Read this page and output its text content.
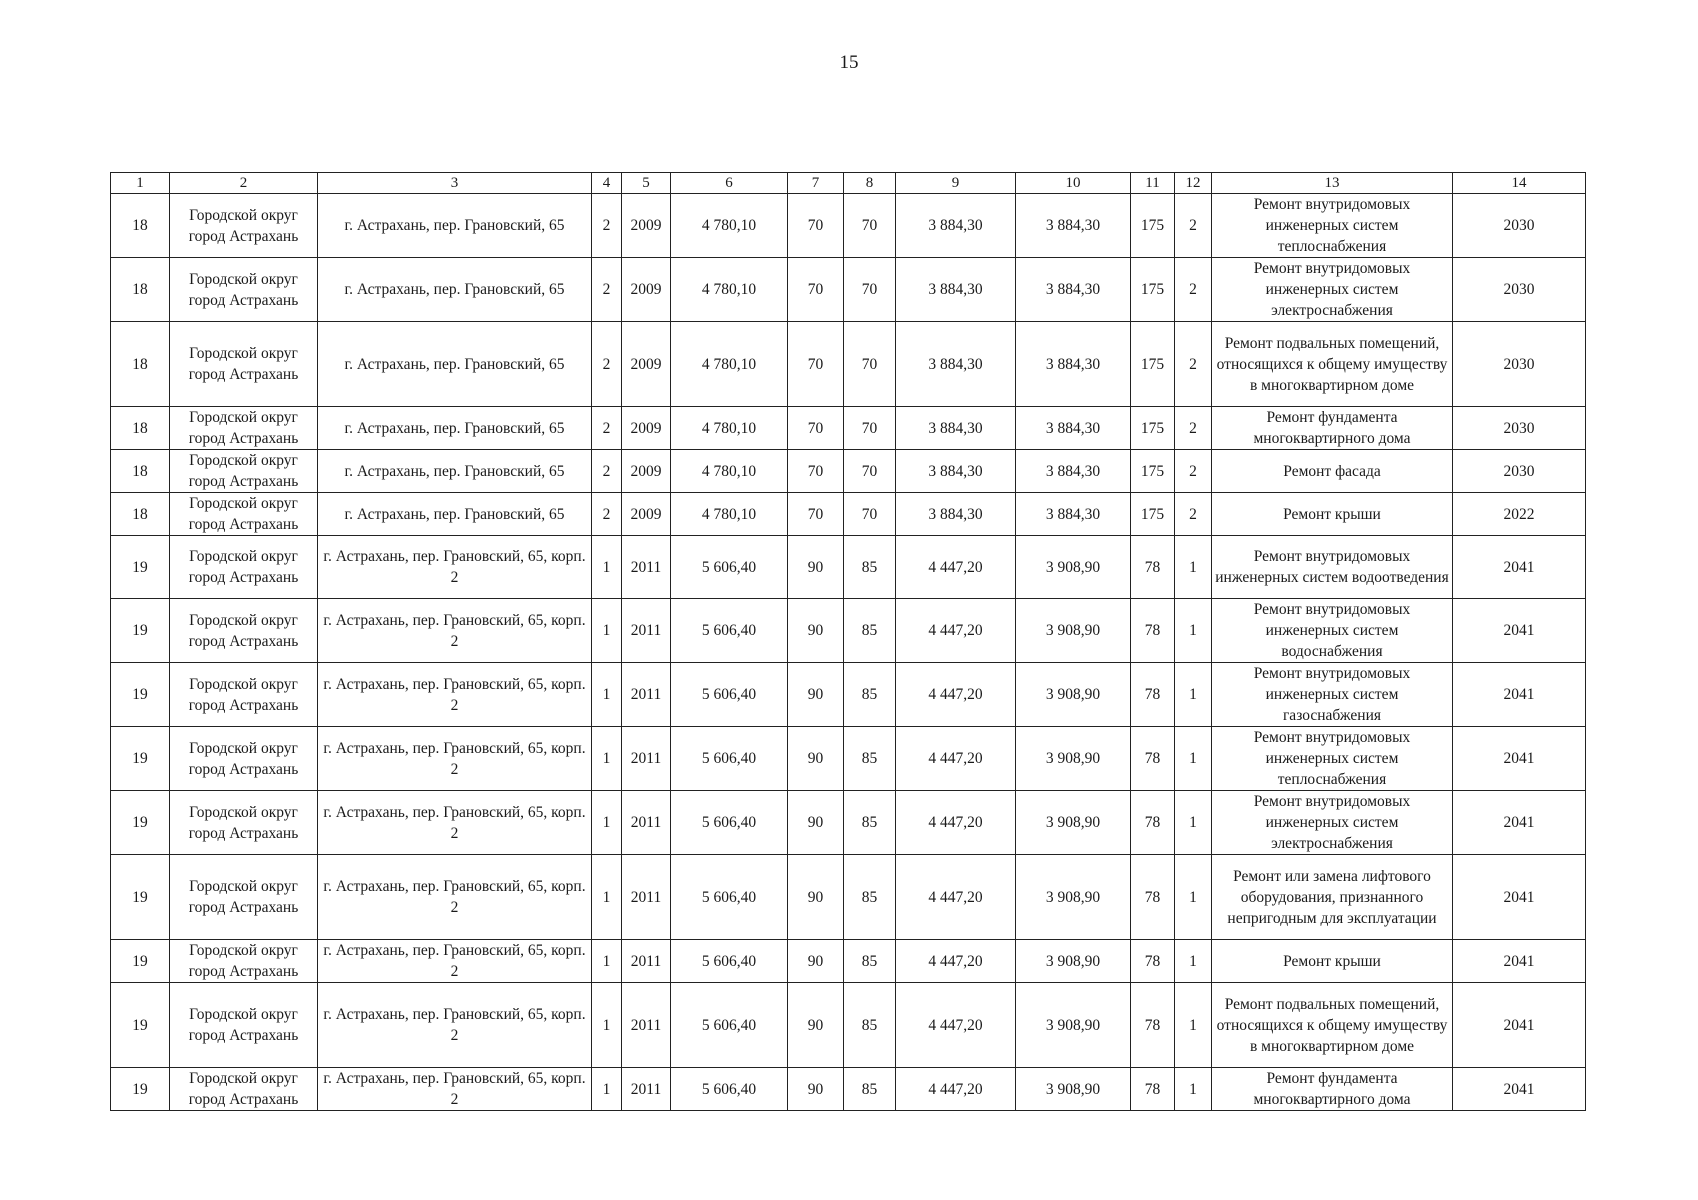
15
1	2	3	4	5	6	7	8	9	10	11	12	13	14
18	Городской округ город Астрахань	г. Астрахань, пер. Грановский, 65	2	2009	4 780,10	70	70	3 884,30	3 884,30	175	2	Ремонт внутридомовых инженерных систем теплоснабжения	2030
18	Городской округ город Астрахань	г. Астрахань, пер. Грановский, 65	2	2009	4 780,10	70	70	3 884,30	3 884,30	175	2	Ремонт внутридомовых инженерных систем электроснабжения	2030
18	Городской округ город Астрахань	г. Астрахань, пер. Грановский, 65	2	2009	4 780,10	70	70	3 884,30	3 884,30	175	2	Ремонт подвальных помещений, относящихся к общему имуществу в многоквартирном доме	2030
18	Городской округ город Астрахань	г. Астрахань, пер. Грановский, 65	2	2009	4 780,10	70	70	3 884,30	3 884,30	175	2	Ремонт фундамента многоквартирного дома	2030
18	Городской округ город Астрахань	г. Астрахань, пер. Грановский, 65	2	2009	4 780,10	70	70	3 884,30	3 884,30	175	2	Ремонт фасада	2030
18	Городской округ город Астрахань	г. Астрахань, пер. Грановский, 65	2	2009	4 780,10	70	70	3 884,30	3 884,30	175	2	Ремонт крыши	2022
19	Городской округ город Астрахань	г. Астрахань, пер. Грановский, 65, корп. 2	1	2011	5 606,40	90	85	4 447,20	3 908,90	78	1	Ремонт внутридомовых инженерных систем водоотведения	2041
19	Городской округ город Астрахань	г. Астрахань, пер. Грановский, 65, корп. 2	1	2011	5 606,40	90	85	4 447,20	3 908,90	78	1	Ремонт внутридомовых инженерных систем водоснабжения	2041
19	Городской округ город Астрахань	г. Астрахань, пер. Грановский, 65, корп. 2	1	2011	5 606,40	90	85	4 447,20	3 908,90	78	1	Ремонт внутридомовых инженерных систем газоснабжения	2041
19	Городской округ город Астрахань	г. Астрахань, пер. Грановский, 65, корп. 2	1	2011	5 606,40	90	85	4 447,20	3 908,90	78	1	Ремонт внутридомовых инженерных систем теплоснабжения	2041
19	Городской округ город Астрахань	г. Астрахань, пер. Грановский, 65, корп. 2	1	2011	5 606,40	90	85	4 447,20	3 908,90	78	1	Ремонт внутридомовых инженерных систем электроснабжения	2041
19	Городской округ город Астрахань	г. Астрахань, пер. Грановский, 65, корп. 2	1	2011	5 606,40	90	85	4 447,20	3 908,90	78	1	Ремонт или замена лифтового оборудования, признанного непригодным для эксплуатации	2041
19	Городской округ город Астрахань	г. Астрахань, пер. Грановский, 65, корп. 2	1	2011	5 606,40	90	85	4 447,20	3 908,90	78	1	Ремонт крыши	2041
19	Городской округ город Астрахань	г. Астрахань, пер. Грановский, 65, корп. 2	1	2011	5 606,40	90	85	4 447,20	3 908,90	78	1	Ремонт подвальных помещений, относящихся к общему имуществу в многоквартирном доме	2041
19	Городской округ город Астрахань	г. Астрахань, пер. Грановский, 65, корп. 2	1	2011	5 606,40	90	85	4 447,20	3 908,90	78	1	Ремонт фундамента многоквартирного дома	2041
